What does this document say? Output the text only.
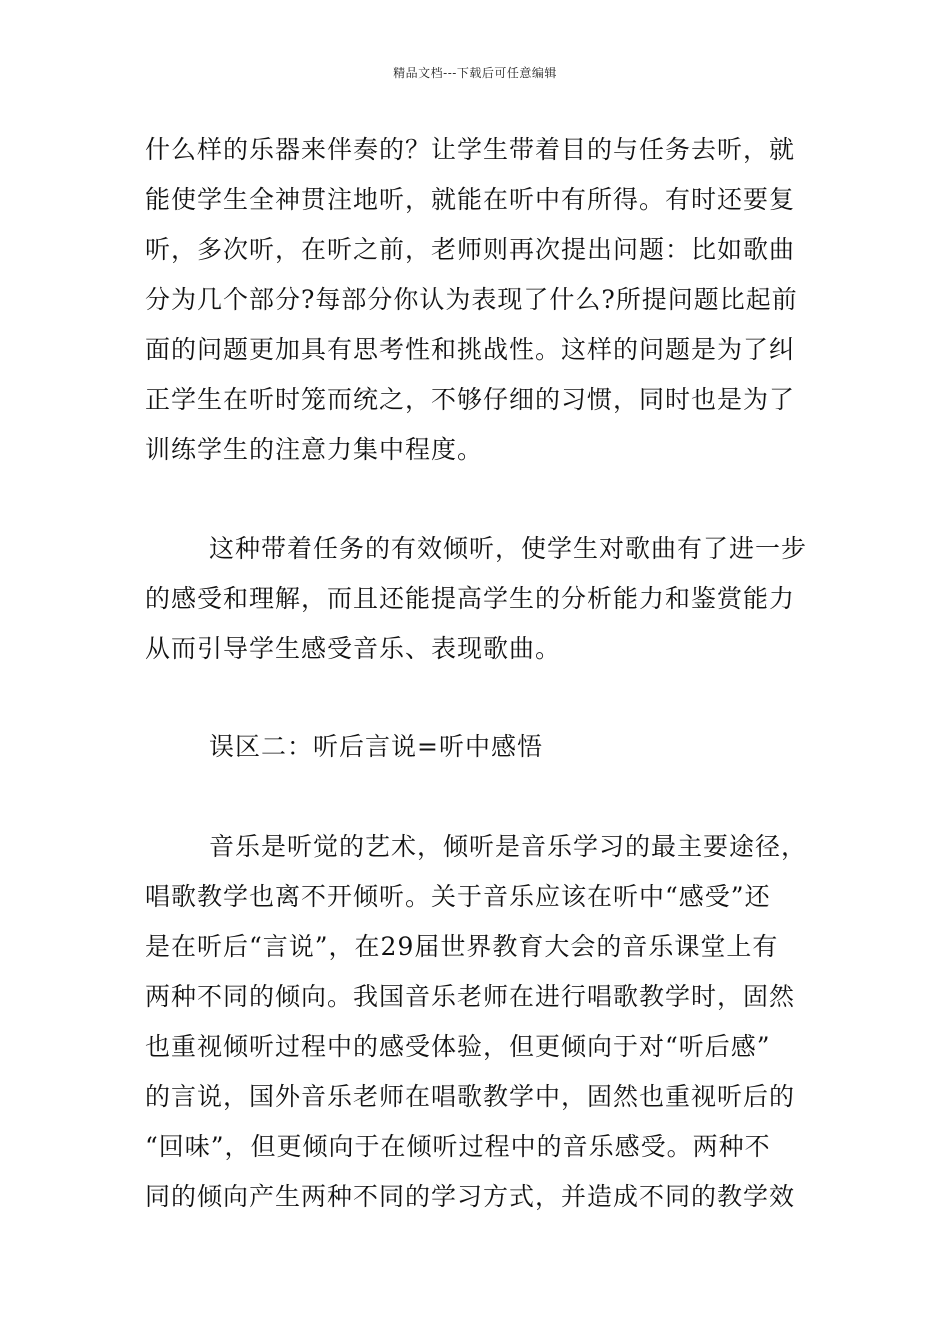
精品文档---下载后可任意编辑
什么样的乐器来伴奏的？让学生带着目的与任务去听，就
能使学生全神贯注地听，就能在听中有所得。有时还要复
听，多次听，在听之前，老师则再次提出问题：比如歌曲
分为几个部分?每部分你认为表现了什么?所提问题比起前
面的问题更加具有思考性和挑战性。这样的问题是为了纠
正学生在听时笼而统之，不够仔细的习惯，同时也是为了
训练学生的注意力集中程度。
这种带着任务的有效倾听，使学生对歌曲有了进一步
的感受和理解，而且还能提高学生的分析能力和鉴赏能力
从而引导学生感受音乐、表现歌曲。
误区二：听后言说=听中感悟
音乐是听觉的艺术，倾听是音乐学习的最主要途径，
唱歌教学也离不开倾听。关于音乐应该在听中“感受”还
是在听后“言说”，在29届世界教育大会的音乐课堂上有
两种不同的倾向。我国音乐老师在进行唱歌教学时，固然
也重视倾听过程中的感受体验，但更倾向于对“听后感”
的言说，国外音乐老师在唱歌教学中，固然也重视听后的
“回味”，但更倾向于在倾听过程中的音乐感受。两种不
同的倾向产生两种不同的学习方式，并造成不同的教学效
